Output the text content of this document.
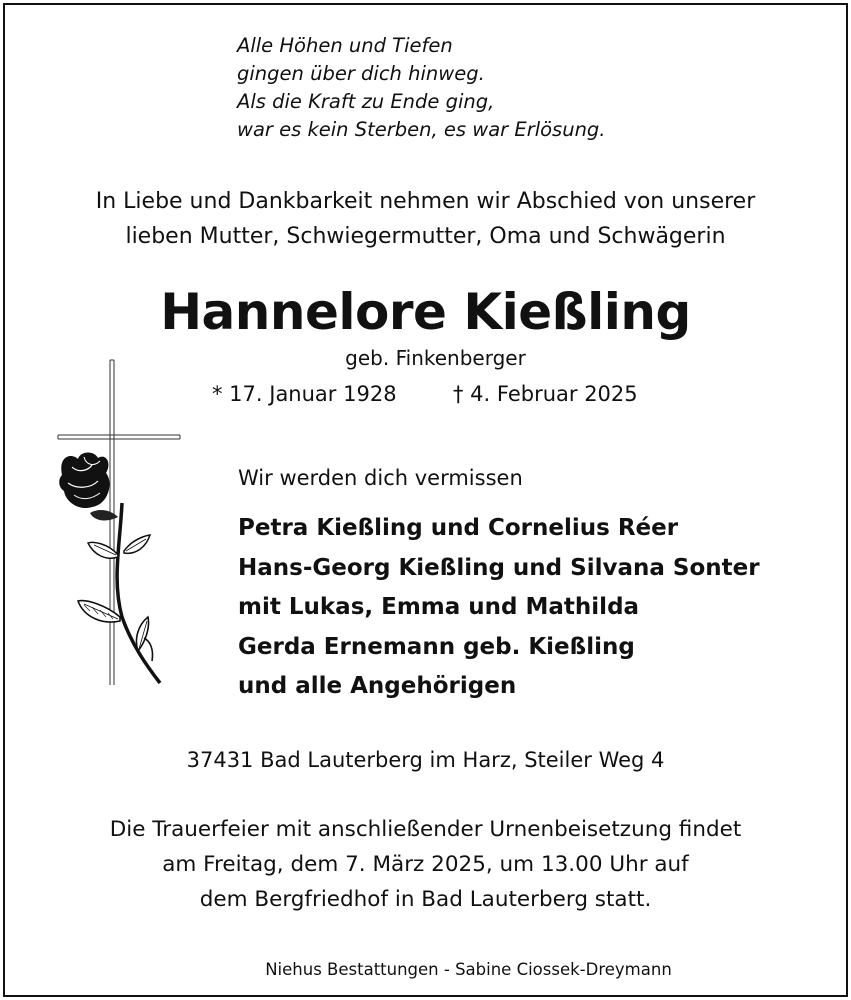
Alle Höhen und Tiefen
gingen über dich hinweg.
Als die Kraft zu Ende ging,
war es kein Sterben, es war Erlösung.
In Liebe und Dankbarkeit nehmen wir Abschied von unserer
lieben Mutter, Schwiegermutter, Oma und Schwägerin
Hannelore Kießling
geb. Finkenberger
* 17. Januar 1928	† 4. Februar 2025
Wir werden dich vermissen
Petra Kießling und Cornelius Réer
Hans-Georg Kießling und Silvana Sonter
mit Lukas, Emma und Mathilda
Gerda Ernemann geb. Kießling
und alle Angehörigen
37431 Bad Lauterberg im Harz, Steiler Weg 4
Die Trauerfeier mit anschließender Urnenbeisetzung findet
am Freitag, dem 7. März 2025, um 13.00 Uhr auf
dem Bergfriedhof in Bad Lauterberg statt.
Niehus Bestattungen - Sabine Ciossek-Dreymann
